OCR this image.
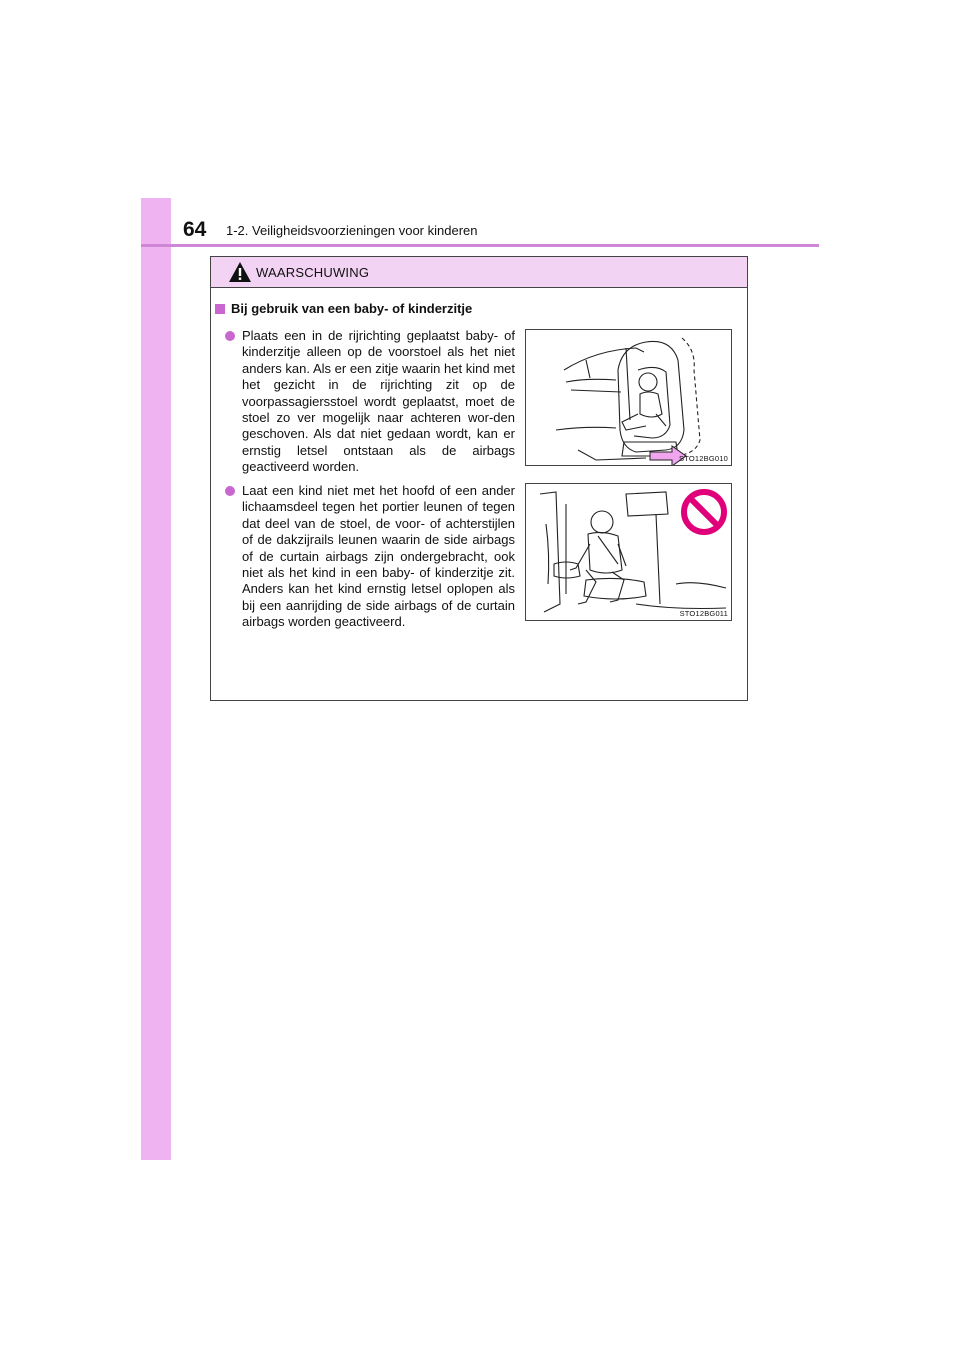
64 1-2. Veiligheidsvoorzieningen voor kinderen
WAARSCHUWING
Bij gebruik van een baby- of kinderzitje
Plaats een in de rijrichting geplaatst baby- of kinderzitje alleen op de voorstoel als het niet anders kan. Als er een zitje waarin het kind met het gezicht in de rijrichting zit op de voorpassagiersstoel wordt geplaatst, moet de stoel zo ver mogelijk naar achteren wor-den geschoven. Als dat niet gedaan wordt, kan er ernstig letsel ontstaan als de airbags geactiveerd worden.
STO12BG010
Laat een kind niet met het hoofd of een ander lichaamsdeel tegen het portier leunen of tegen dat deel van de stoel, de voor- of achterstijlen of de dakzijrails leunen waarin de side airbags of de curtain airbags zijn ondergebracht, ook niet als het kind in een baby- of kinderzitje zit. Anders kan het kind ernstig letsel oplopen als bij een aanrijding de side airbags of de curtain airbags worden geactiveerd.
STO12BG011
